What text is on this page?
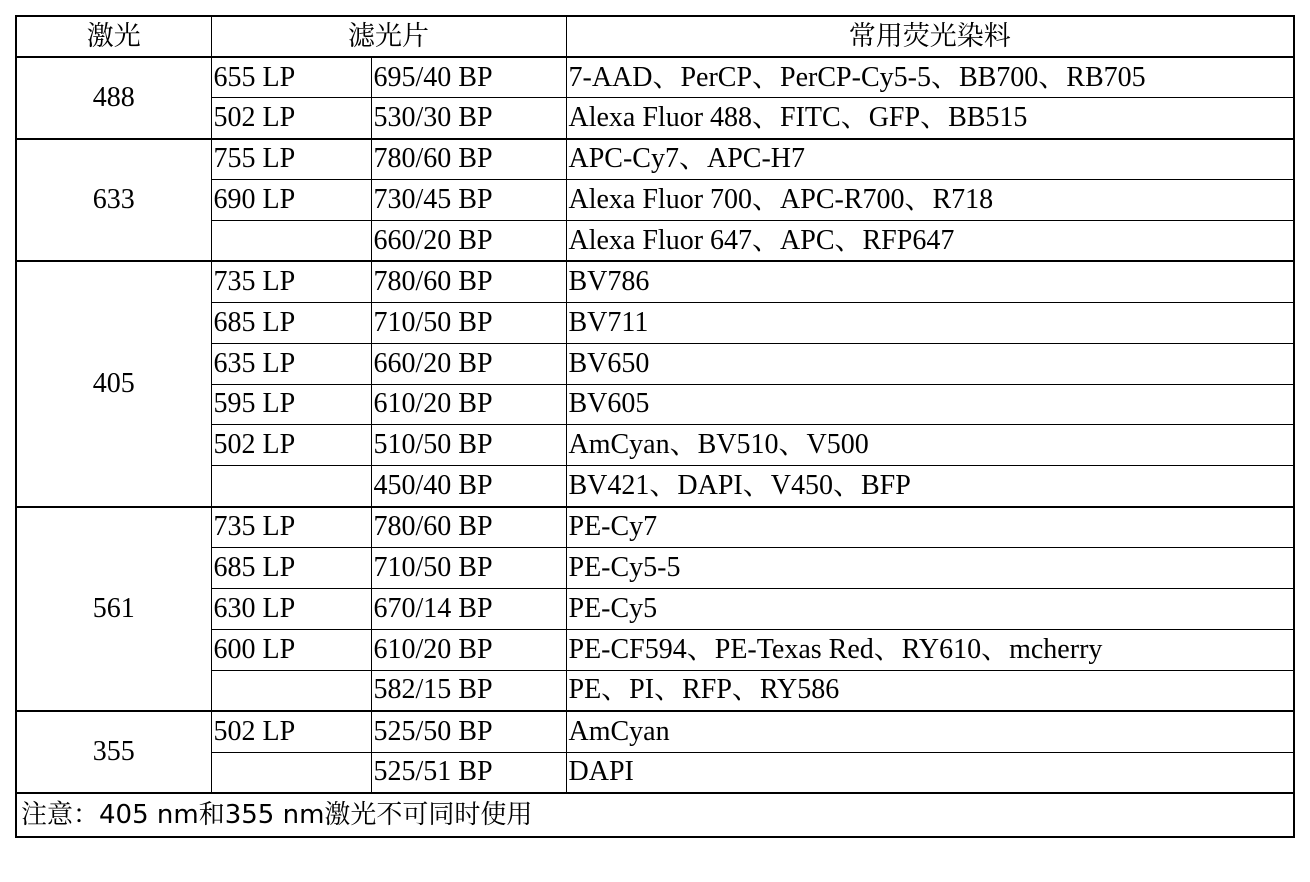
激光	滤光片		常用荧光染料
488	655 LP	695/40 BP	7-AAD、PerCP、PerCP-Cy5-5、BB700、RB705
	502 LP	530/30 BP	Alexa Fluor 488、FITC、GFP、BB515
633	755 LP	780/60 BP	APC-Cy7、APC-H7
	690 LP	730/45 BP	Alexa Fluor 700、APC-R700、R718
		660/20 BP	Alexa Fluor 647、APC、RFP647
405	735 LP	780/60 BP	BV786
	685 LP	710/50 BP	BV711
	635 LP	660/20 BP	BV650
	595 LP	610/20 BP	BV605
	502 LP	510/50 BP	AmCyan、BV510、V500
		450/40 BP	BV421、DAPI、V450、BFP
561	735 LP	780/60 BP	PE-Cy7
	685 LP	710/50 BP	PE-Cy5-5
	630 LP	670/14 BP	PE-Cy5
	600 LP	610/20 BP	PE-CF594、PE-Texas Red、RY610、mcherry
		582/15 BP	PE、PI、RFP、RY586
355	502 LP	525/50 BP	AmCyan
		525/51 BP	DAPI
注意：405 nm和355 nm激光不可同时使用			
